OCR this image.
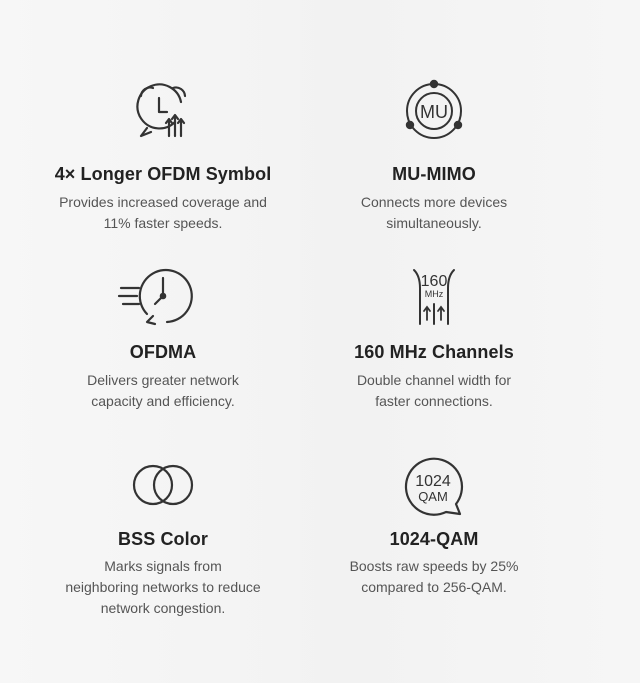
4× Longer OFDM Symbol
Provides increased coverage and
11% faster speeds.
MU
MU-MIMO
Connects more devices
simultaneously.
OFDMA
Delivers greater network
capacity and efficiency.
160
MHz
160 MHz Channels
Double channel width for
faster connections.
BSS Color
Marks signals from
neighboring networks to reduce
network congestion.
1024
QAM
1024-QAM
Boosts raw speeds by 25%
compared to 256-QAM.
